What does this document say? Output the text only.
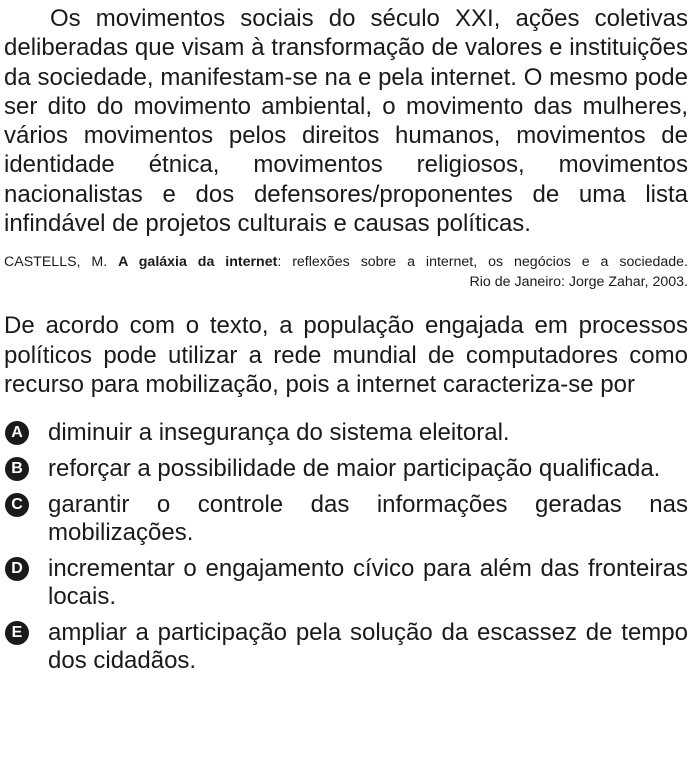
Os movimentos sociais do século XXI, ações coletivas deliberadas que visam à transformação de valores e instituições da sociedade, manifestam-se na e pela internet. O mesmo pode ser dito do movimento ambiental, o movimento das mulheres, vários movimentos pelos direitos humanos, movimentos de identidade étnica, movimentos religiosos, movimentos nacionalistas e dos defensores/proponentes de uma lista infindável de projetos culturais e causas políticas.

CASTELLS, M. A galáxia da internet: reflexões sobre a internet, os negócios e a sociedade.
Rio de Janeiro: Jorge Zahar, 2003.

De acordo com o texto, a população engajada em processos políticos pode utilizar a rede mundial de computadores como recurso para mobilização, pois a internet caracteriza-se por

A diminuir a insegurança do sistema eleitoral.
B reforçar a possibilidade de maior participação qualificada.
C garantir o controle das informações geradas nas mobilizações.
D incrementar o engajamento cívico para além das fronteiras locais.
E ampliar a participação pela solução da escassez de tempo dos cidadãos.
